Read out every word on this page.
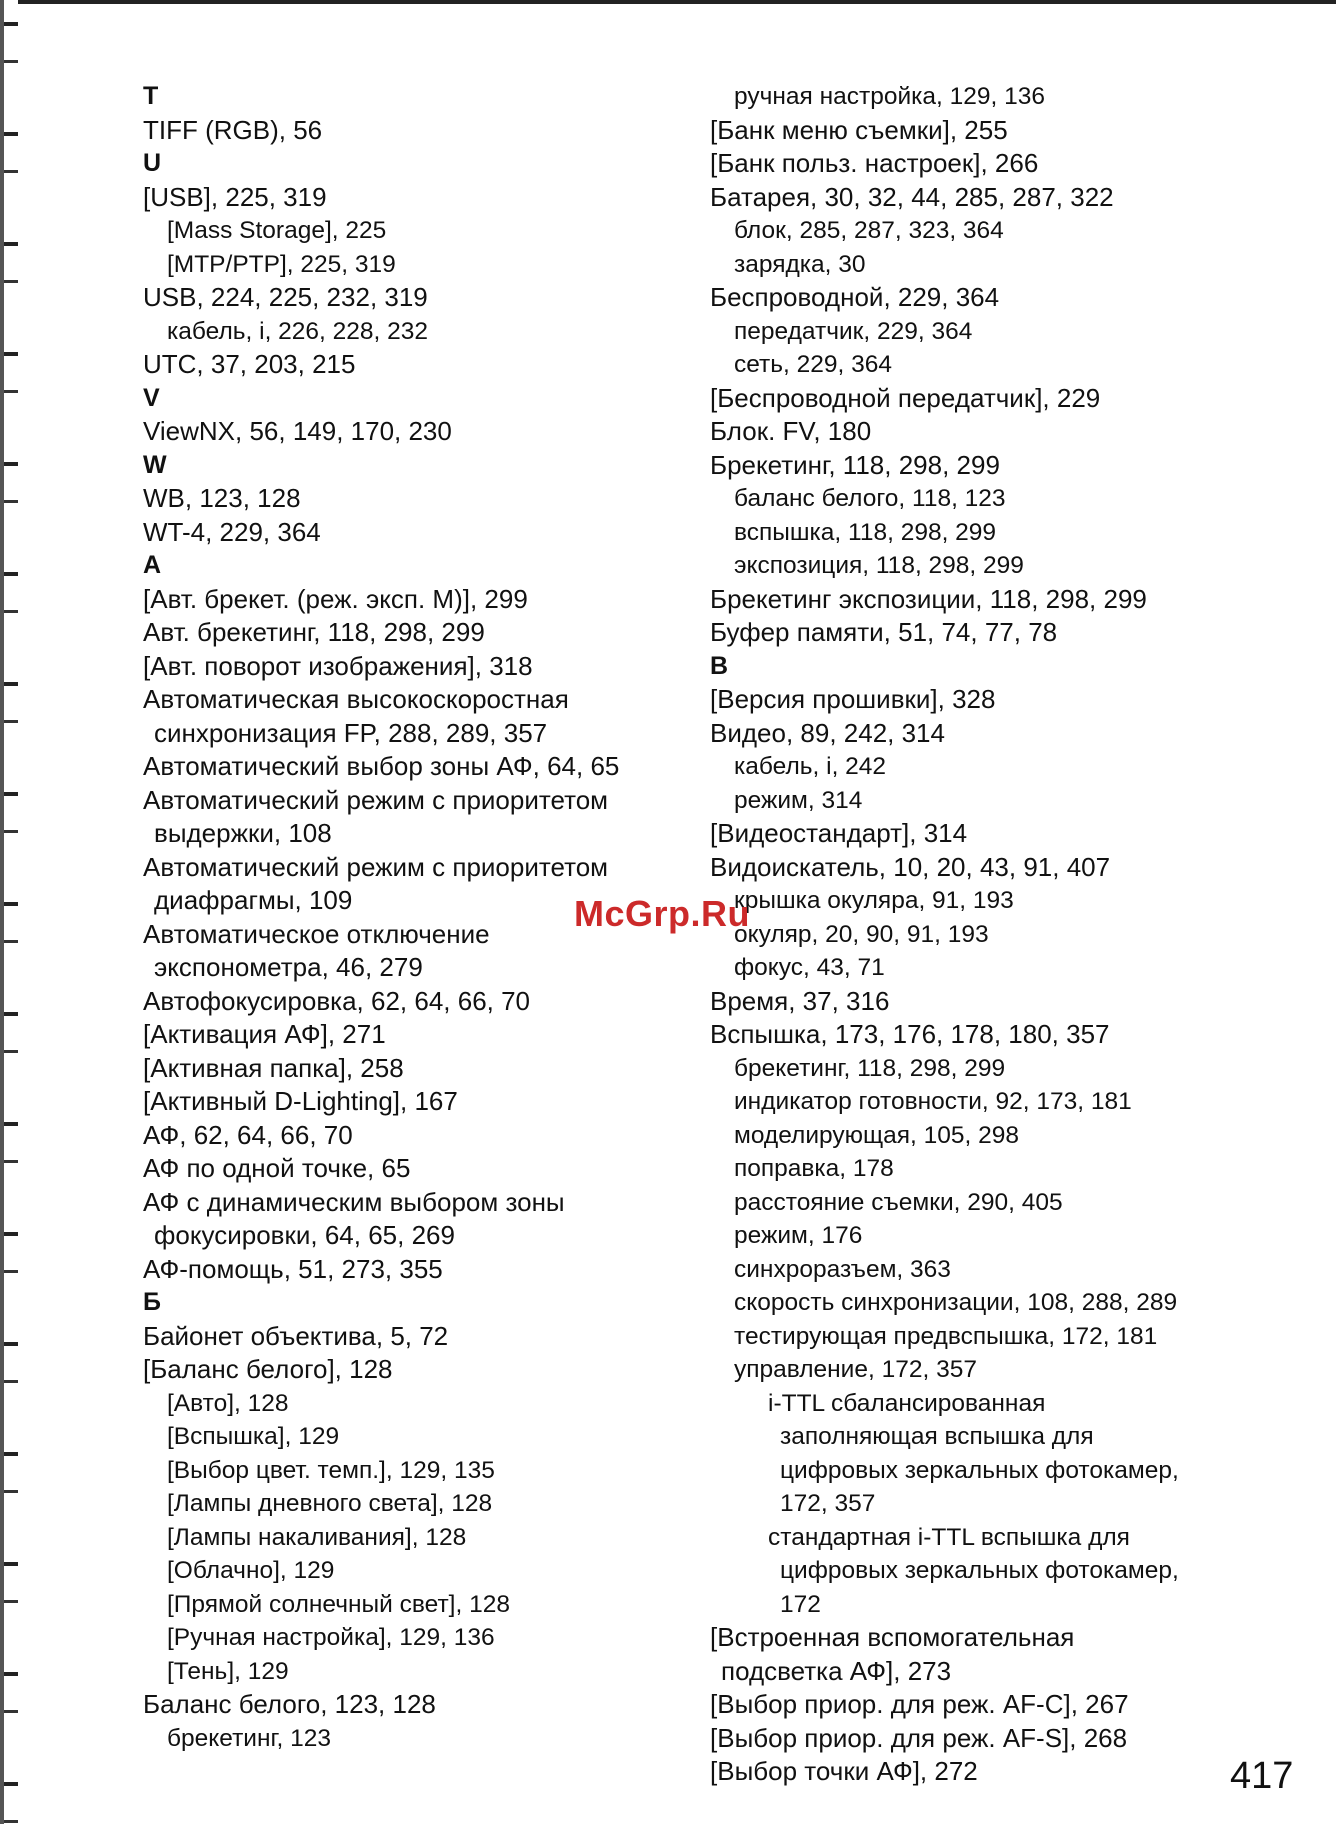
T
TIFF (RGB), 56
U
[USB], 225, 319
[Mass Storage], 225
[MTP/PTP], 225, 319
USB, 224, 225, 232, 319
кабель, i, 226, 228, 232
UTC, 37, 203, 215
V
ViewNX, 56, 149, 170, 230
W
WB, 123, 128
WT-4, 229, 364
А
[Авт. брекет. (реж. эксп. M)], 299
Авт. брекетинг, 118, 298, 299
[Авт. поворот изображения], 318
Автоматическая высокоскоростная
синхронизация FP, 288, 289, 357
Автоматический выбор зоны АФ, 64, 65
Автоматический режим с приоритетом
выдержки, 108
Автоматический режим с приоритетом
диафрагмы, 109
Автоматическое отключение
экспонометра, 46, 279
Автофокусировка, 62, 64, 66, 70
[Активация АФ], 271
[Активная папка], 258
[Активный D-Lighting], 167
АФ, 62, 64, 66, 70
АФ по одной точке, 65
АФ с динамическим выбором зоны
фокусировки, 64, 65, 269
АФ-помощь, 51, 273, 355
Б
Байонет объектива, 5, 72
[Баланс белого], 128
[Авто], 128
[Вспышка], 129
[Выбор цвет. темп.], 129, 135
[Лампы дневного света], 128
[Лампы накаливания], 128
[Облачно], 129
[Прямой солнечный свет], 128
[Ручная настройка], 129, 136
[Тень], 129
Баланс белого, 123, 128
брекетинг, 123
ручная настройка, 129, 136
[Банк меню съемки], 255
[Банк польз. настроек], 266
Батарея, 30, 32, 44, 285, 287, 322
блок, 285, 287, 323, 364
зарядка, 30
Беспроводной, 229, 364
передатчик, 229, 364
сеть, 229, 364
[Беспроводной передатчик], 229
Блок. FV, 180
Брекетинг, 118, 298, 299
баланс белого, 118, 123
вспышка, 118, 298, 299
экспозиция, 118, 298, 299
Брекетинг экспозиции, 118, 298, 299
Буфер памяти, 51, 74, 77, 78
В
[Версия прошивки], 328
Видео, 89, 242, 314
кабель, i, 242
режим, 314
[Видеостандарт], 314
Видоискатель, 10, 20, 43, 91, 407
крышка окуляра, 91, 193
окуляр, 20, 90, 91, 193
фокус, 43, 71
Время, 37, 316
Вспышка, 173, 176, 178, 180, 357
брекетинг, 118, 298, 299
индикатор готовности, 92, 173, 181
моделирующая, 105, 298
поправка, 178
расстояние съемки, 290, 405
режим, 176
синхроразъем, 363
скорость синхронизации, 108, 288, 289
тестирующая предвспышка, 172, 181
управление, 172, 357
i-TTL сбалансированная
заполняющая вспышка для
цифровых зеркальных фотокамер,
172, 357
стандартная i-TTL вспышка для
цифровых зеркальных фотокамер,
172
[Встроенная вспомогательная
подсветка АФ], 273
[Выбор приор. для реж. AF-C], 267
[Выбор приор. для реж. AF-S], 268
[Выбор точки АФ], 272
McGrp.Ru
417
